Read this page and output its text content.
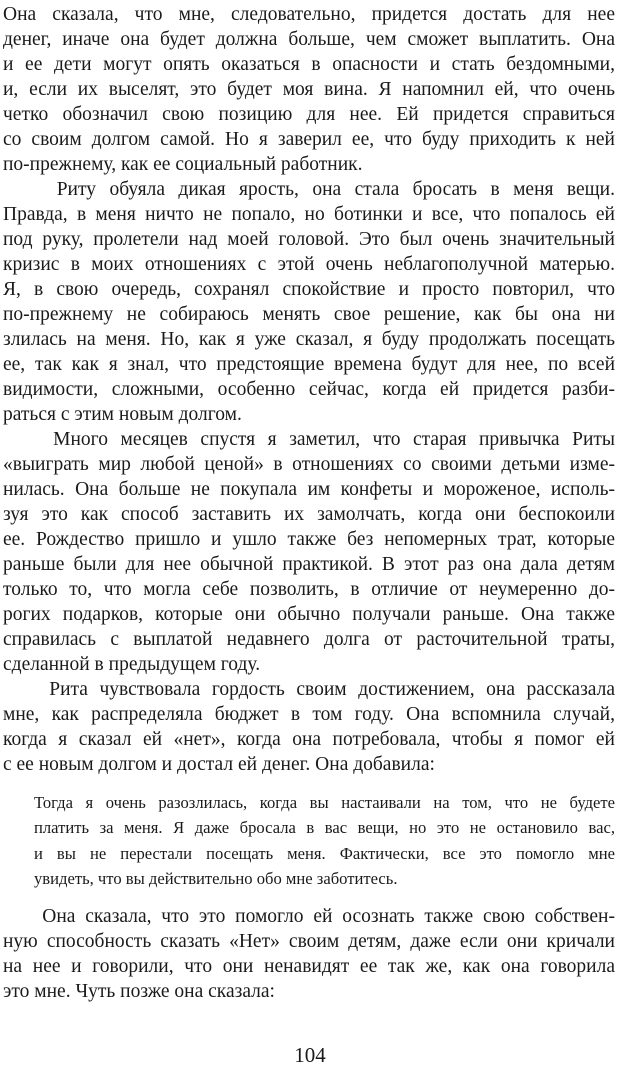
Она сказала, что мне, следовательно, придется достать для нее
денег, иначе она будет должна больше, чем сможет выплатить. Она
и ее дети могут опять оказаться в опасности и стать бездомными,
и, если их выселят, это будет моя вина. Я напомнил ей, что очень
четко обозначил свою позицию для нее. Ей придется справиться
со своим долгом самой. Но я заверил ее, что буду приходить к ней
по-прежнему, как ее социальный работник.
Риту обуяла дикая ярость, она стала бросать в меня вещи.
Правда, в меня ничто не попало, но ботинки и все, что попалось ей
под руку, пролетели над моей головой. Это был очень значительный
кризис в моих отношениях с этой очень неблагополучной матерью.
Я, в свою очередь, сохранял спокойствие и просто повторил, что
по-прежнему не собираюсь менять свое решение, как бы она ни
злилась на меня. Но, как я уже сказал, я буду продолжать посещать
ее, так как я знал, что предстоящие времена будут для нее, по всей
видимости, сложными, особенно сейчас, когда ей придется разби-
раться с этим новым долгом.
Много месяцев спустя я заметил, что старая привычка Риты
«выиграть мир любой ценой» в отношениях со своими детьми изме-
нилась. Она больше не покупала им конфеты и мороженое, исполь-
зуя это как способ заставить их замолчать, когда они беспокоили
ее. Рождество пришло и ушло также без непомерных трат, которые
раньше были для нее обычной практикой. В этот раз она дала детям
только то, что могла себе позволить, в отличие от неумеренно до-
рогих подарков, которые они обычно получали раньше. Она также
справилась с выплатой недавнего долга от расточительной траты,
сделанной в предыдущем году.
Рита чувствовала гордость своим достижением, она рассказала
мне, как распределяла бюджет в том году. Она вспомнила случай,
когда я сказал ей «нет», когда она потребовала, чтобы я помог ей
с ее новым долгом и достал ей денег. Она добавила:
Тогда я очень разозлилась, когда вы настаивали на том, что не будете
платить за меня. Я даже бросала в вас вещи, но это не остановило вас,
и вы не перестали посещать меня. Фактически, все это помогло мне
увидеть, что вы действительно обо мне заботитесь.
Она сказала, что это помогло ей осознать также свою собствен-
ную способность сказать «Нет» своим детям, даже если они кричали
на нее и говорили, что они ненавидят ее так же, как она говорила
это мне. Чуть позже она сказала:
104
